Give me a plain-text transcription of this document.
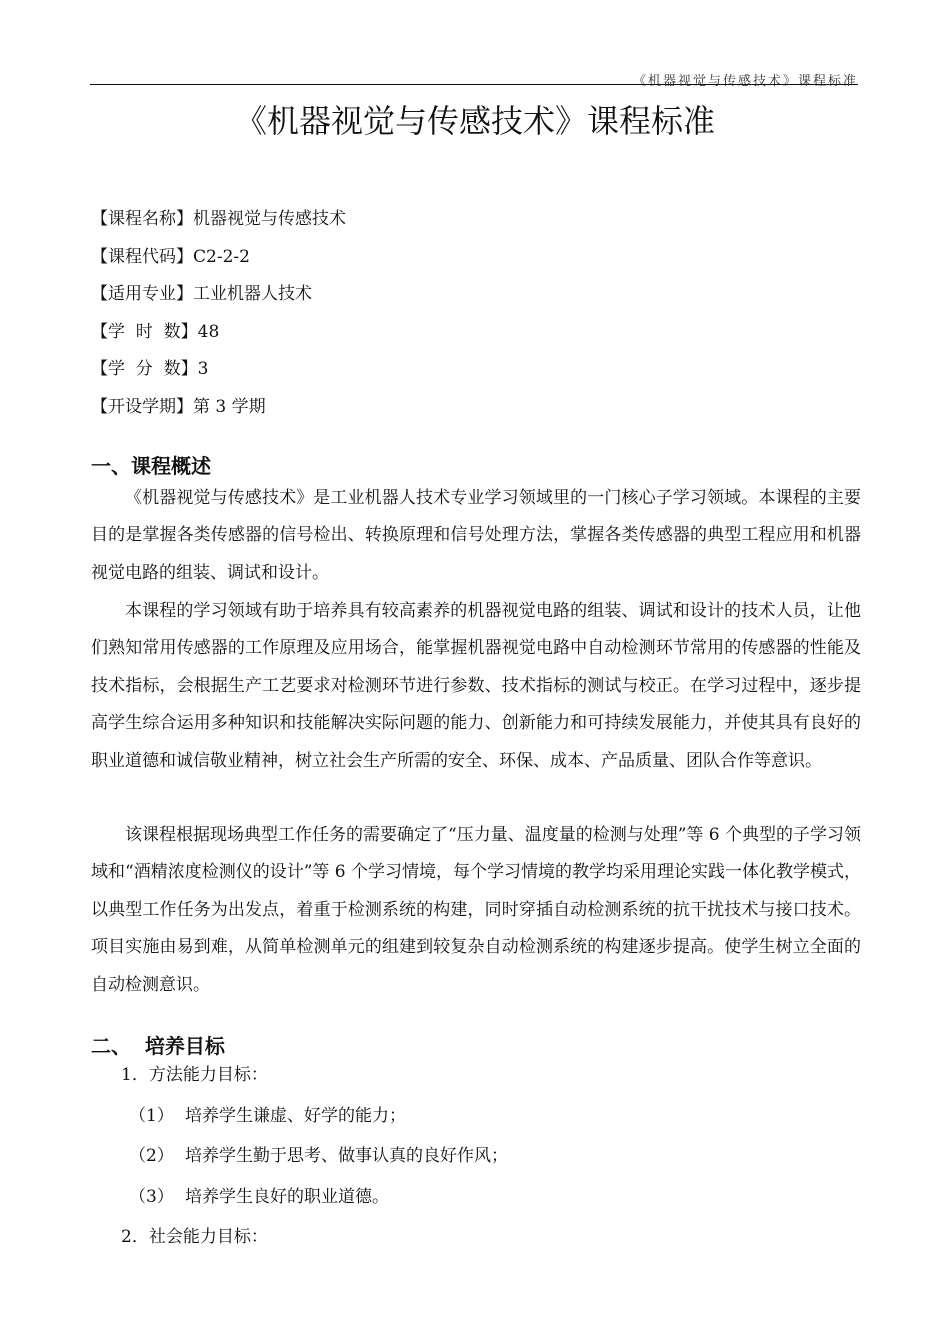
《机器视觉与传感技术》课程标准
《机器视觉与传感技术》课程标准
【课程名称】机器视觉与传感技术
【课程代码】C2-2-2
【适用专业】工业机器人技术
【学  时  数】48
【学  分  数】3
【开设学期】第 3 学期
一、课程概述
《机器视觉与传感技术》是工业机器人技术专业学习领域里的一门核心子学习领域。本课程的主要目的是掌握各类传感器的信号检出、转换原理和信号处理方法，掌握各类传感器的典型工程应用和机器视觉电路的组装、调试和设计。
本课程的学习领域有助于培养具有较高素养的机器视觉电路的组装、调试和设计的技术人员，让他们熟知常用传感器的工作原理及应用场合，能掌握机器视觉电路中自动检测环节常用的传感器的性能及技术指标，会根据生产工艺要求对检测环节进行参数、技术指标的测试与校正。在学习过程中，逐步提高学生综合运用多种知识和技能解决实际问题的能力、创新能力和可持续发展能力，并使其具有良好的职业道德和诚信敬业精神，树立社会生产所需的安全、环保、成本、产品质量、团队合作等意识。
该课程根据现场典型工作任务的需要确定了“压力量、温度量的检测与处理”等 6 个典型的子学习领域和“酒精浓度检测仪的设计”等 6 个学习情境，每个学习情境的教学均采用理论实践一体化教学模式，以典型工作任务为出发点，着重于检测系统的构建，同时穿插自动检测系统的抗干扰技术与接口技术。项目实施由易到难，从简单检测单元的组建到较复杂自动检测系统的构建逐步提高。使学生树立全面的自动检测意识。
二、  培养目标
1．方法能力目标：
（1） 培养学生谦虚、好学的能力；
（2） 培养学生勤于思考、做事认真的良好作风；
（3） 培养学生良好的职业道德。
2．社会能力目标：
